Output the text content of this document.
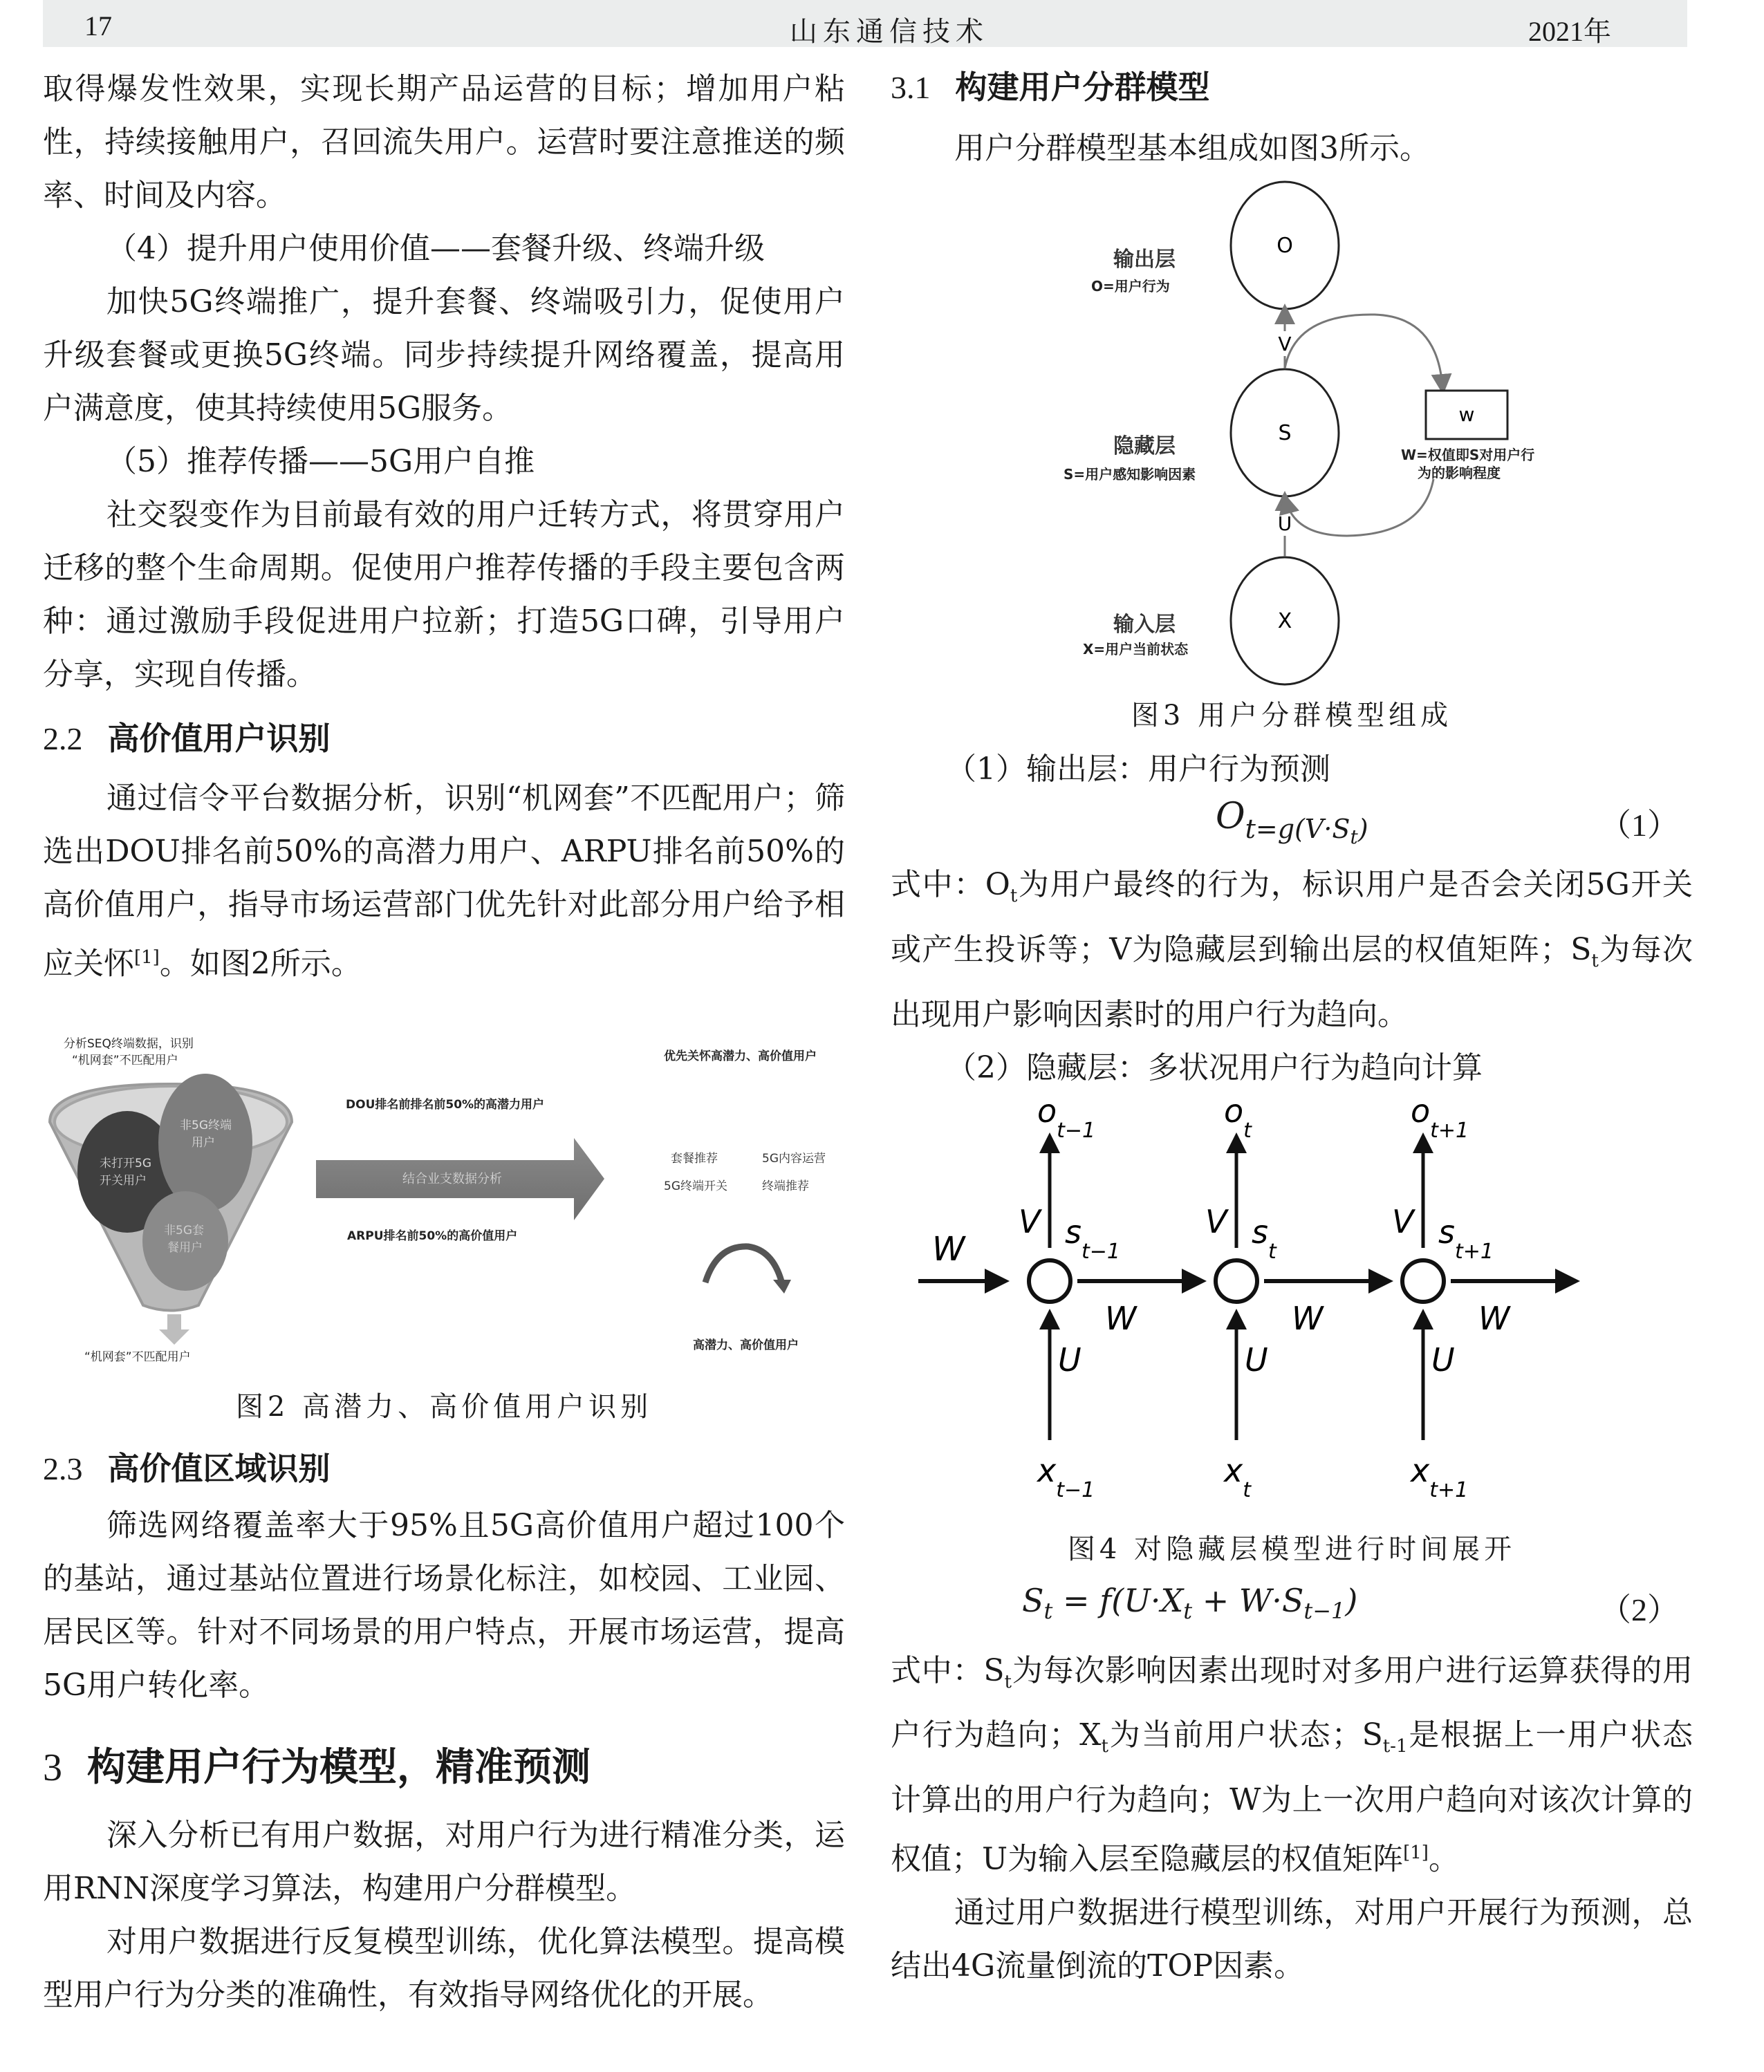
17	山东通信技术	2021年

取得爆发性效果，实现长期产品运营的目标；增加用户粘性，持续接触用户，召回流失用户。运营时要注意推送的频率、时间及内容。

（4）提升用户使用价值——套餐升级、终端升级

加快5G终端推广，提升套餐、终端吸引力，促使用户升级套餐或更换5G终端。同步持续提升网络覆盖，提高用户满意度，使其持续使用5G服务。

（5）推荐传播——5G用户自推

社交裂变作为目前最有效的用户迁转方式，将贯穿用户迁移的整个生命周期。促使用户推荐传播的手段主要包含两种：通过激励手段促进用户拉新；打造5G口碑，引导用户分享，实现自传播。

2.2 高价值用户识别

通过信令平台数据分析，识别“机网套”不匹配用户；筛选出DOU排名前50%的高潜力用户、ARPU排名前50%的高价值用户，指导市场运营部门优先针对此部分用户给予相应关怀[1]。如图2所示。

分析SEQ终端数据，识别
“机网套”不匹配用户
未打开5G
开关用户
非5G终端
用户
非5G套
餐用户
“机网套”不匹配用户
DOU排名前排名前50%的高潜力用户
结合业支数据分析
ARPU排名前50%的高价值用户
优先关怀高潜力、高价值用户
套餐推荐	5G内容运营
5G终端开关	终端推荐
高潜力、高价值用户

图2 高潜力、高价值用户识别

2.3 高价值区域识别

筛选网络覆盖率大于95%且5G高价值用户超过100个的基站，通过基站位置进行场景化标注，如校园、工业园、居民区等。针对不同场景的用户特点，开展市场运营，提高5G用户转化率。

3 构建用户行为模型，精准预测

深入分析已有用户数据，对用户行为进行精准分类，运用RNN深度学习算法，构建用户分群模型。

对用户数据进行反复模型训练，优化算法模型。提高模型用户行为分类的准确性，有效指导网络优化的开展。

3.1 构建用户分群模型

用户分群模型基本组成如图3所示。

O
S
X
V
U
w
输出层
O=用户行为
隐藏层
S=用户感知影响因素
输入层
X=用户当前状态
W=权值即S对用户行
为的影响程度

图3 用户分群模型组成

（1）输出层：用户行为预测

$O_{t=g(V\cdot S_t)}$	（1）

式中：$O_t$为用户最终的行为，标识用户是否会关闭5G开关或产生投诉等；V为隐藏层到输出层的权值矩阵；$S_t$为每次出现用户影响因素时的用户行为趋向。

（2）隐藏层：多状况用户行为趋向计算

V
U
W
$o_{t-1}$
$s_{t-1}$
$x_{t-1}$
V
U
W
$o_t$
$s_t$
$x_t$
V
U
W
$o_{t+1}$
$s_{t+1}$
$x_{t+1}$
W

图4 对隐藏层模型进行时间展开

$S_t = f(U\cdot X_t + W\cdot S_{t-1})$	（2）

式中：$S_t$为每次影响因素出现时对多用户进行运算获得的用户行为趋向；$X_t$为当前用户状态；$S_{t-1}$是根据上一用户状态计算出的用户行为趋向；W为上一次用户趋向对该次计算的权值；U为输入层至隐藏层的权值矩阵[1]。

通过用户数据进行模型训练，对用户开展行为预测，总结出4G流量倒流的TOP因素。
